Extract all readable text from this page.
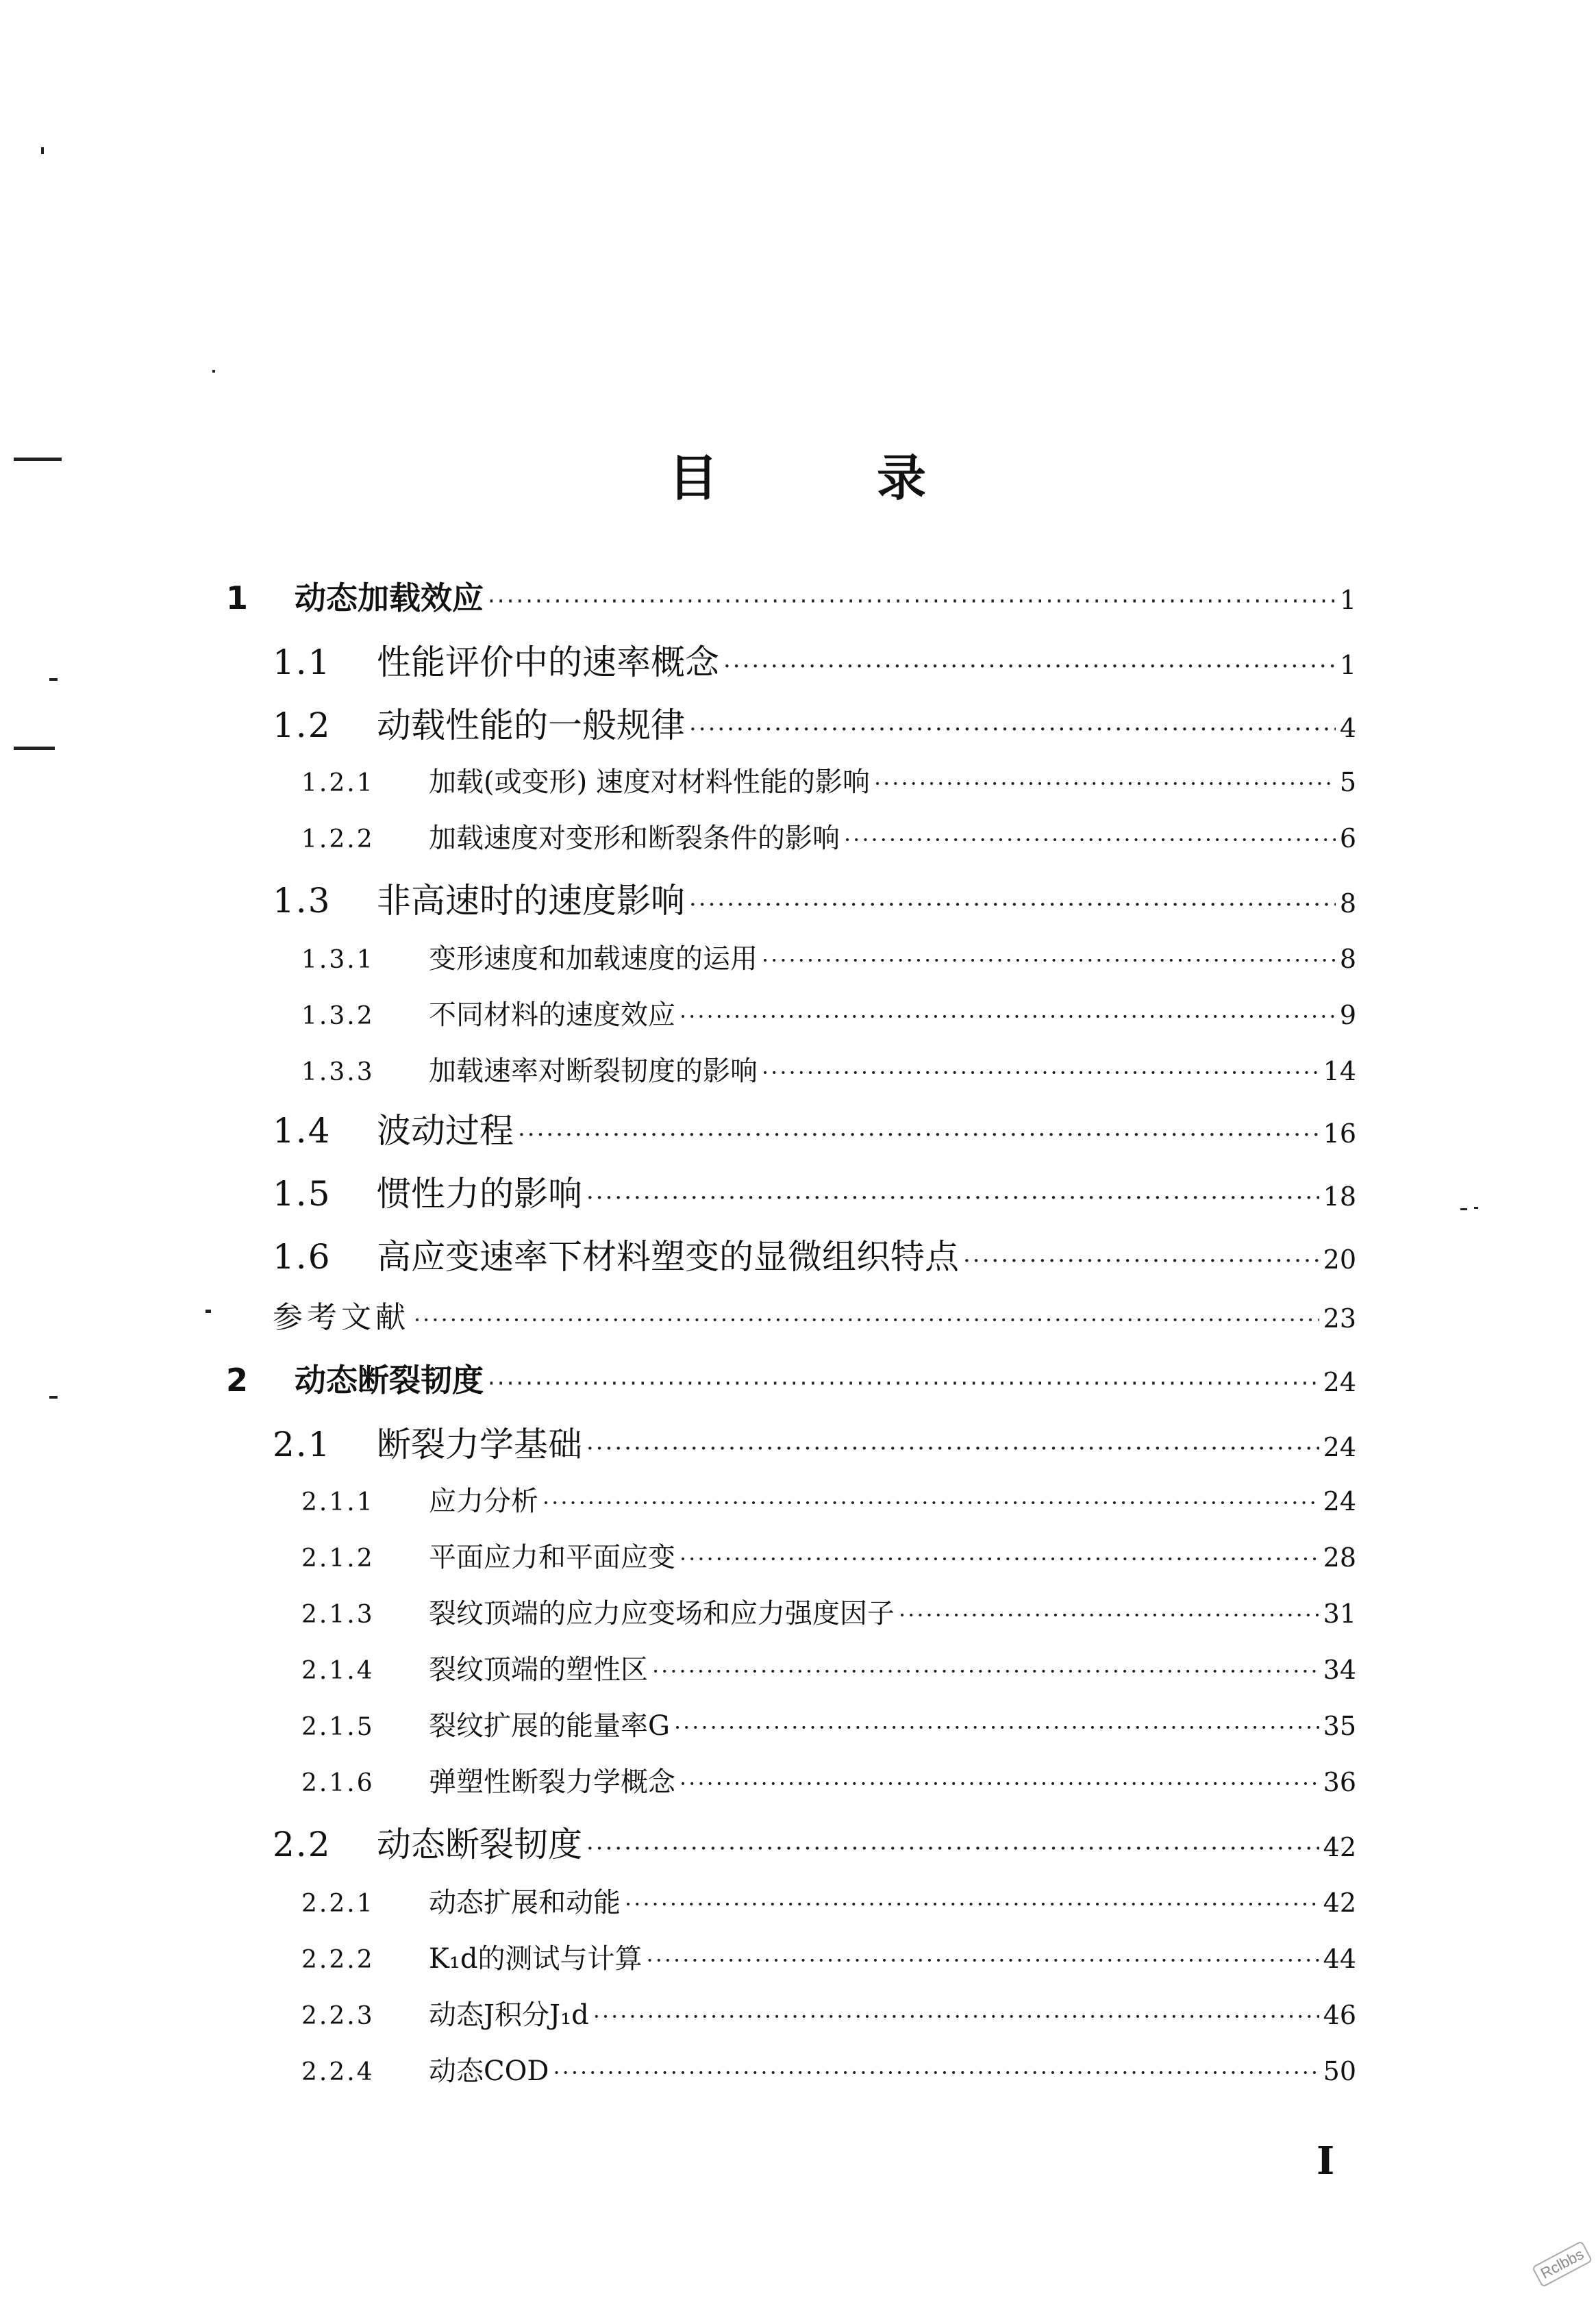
目	录
1	动态加载效应 ·····	1
1.1	性能评价中的速率概念 ·····	1
1.2	动载性能的一般规律 ·····	4
1.2.1	加载(或变形) 速度对材料性能的影响 ·····	5
1.2.2	加载速度对变形和断裂条件的影响 ·····	6
1.3	非高速时的速度影响 ·····	8
1.3.1	变形速度和加载速度的运用 ·····	8
1.3.2	不同材料的速度效应 ·····	9
1.3.3	加载速率对断裂韧度的影响 ·····	14
1.4	波动过程 ·····	16
1.5	惯性力的影响 ·····	18
1.6	高应变速率下材料塑变的显微组织特点 ·····	20
参考文献 ·····	23
2	动态断裂韧度 ·····	24
2.1	断裂力学基础 ·····	24
2.1.1	应力分析 ·····	24
2.1.2	平面应力和平面应变 ·····	28
2.1.3	裂纹顶端的应力应变场和应力强度因子 ·····	31
2.1.4	裂纹顶端的塑性区 ·····	34
2.1.5	裂纹扩展的能量率G ·····	35
2.1.6	弹塑性断裂力学概念 ·····	36
2.2	动态断裂韧度 ·····	42
2.2.1	动态扩展和动能 ·····	42
2.2.2	K₁d的测试与计算 ·····	44
2.2.3	动态J积分J₁d ·····	46
2.2.4	动态COD ·····	50
Ⅰ
Rclbbs
